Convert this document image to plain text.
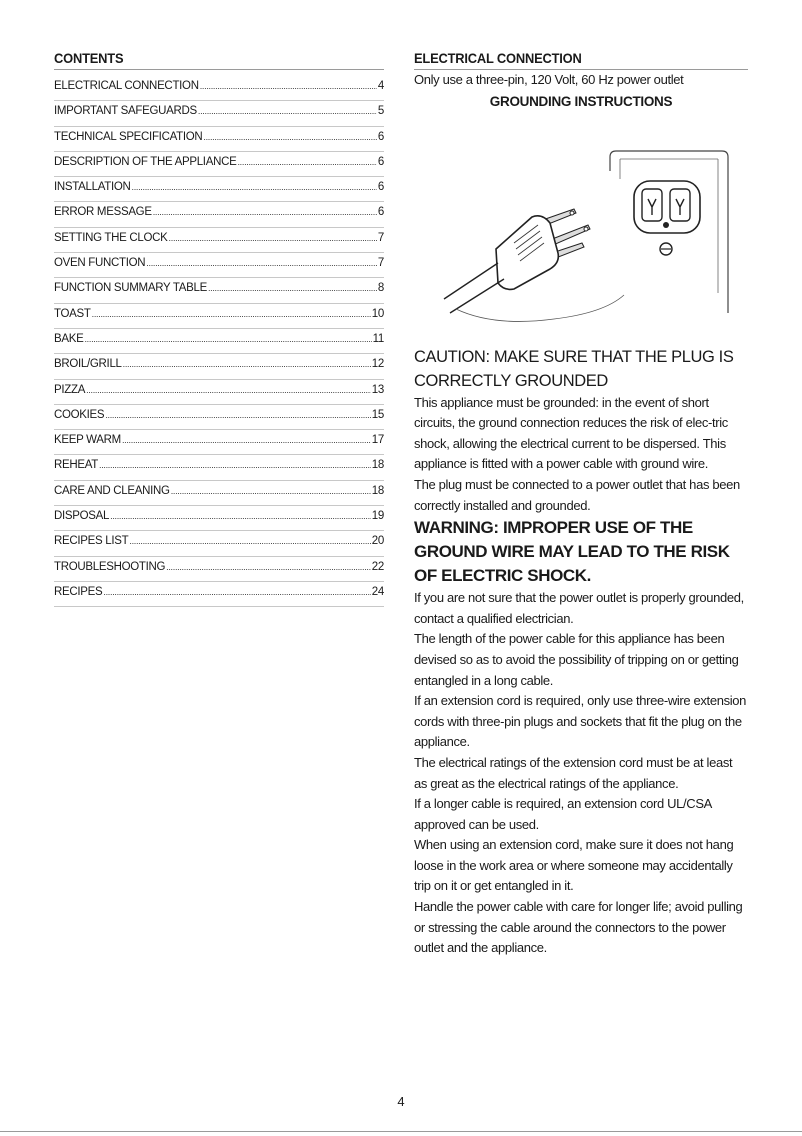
CONTENTS
ELECTRICAL CONNECTION .....	4
IMPORTANT SAFEGUARDS .....	5
TECHNICAL SPECIFICATION .....	6
DESCRIPTION OF THE APPLIANCE .....	6
INSTALLATION .....	6
ERROR MESSAGE .....	6
SETTING THE CLOCK .....	7
OVEN FUNCTION .....	7
FUNCTION SUMMARY TABLE .....	8
TOAST .....	10
BAKE .....	11
BROIL/GRILL .....	12
PIZZA .....	13
COOKIES .....	15
KEEP WARM .....	17
REHEAT .....	18
CARE AND CLEANING .....	18
DISPOSAL .....	19
RECIPES LIST .....	20
TROUBLESHOOTING .....	22
RECIPES .....	24
ELECTRICAL CONNECTION

Only use a three-pin, 120 Volt, 60 Hz power outlet

GROUNDING INSTRUCTIONS
CAUTION: MAKE SURE THAT THE PLUG IS CORRECTLY GROUNDED

This appliance must be grounded: in the event of short circuits, the ground connection reduces the risk of elec-tric shock, allowing the electrical current to be dispersed. This appliance is fitted with a power cable with ground wire.

The plug must be connected to a power outlet that has been correctly installed and grounded.

WARNING: IMPROPER USE OF THE GROUND WIRE MAY LEAD TO THE RISK OF ELECTRIC SHOCK.

If you are not sure that the power outlet is properly grounded, contact a qualified electrician.

The length of the power cable for this appliance has been devised so as to avoid the possibility of tripping on or getting entangled in a long cable.

If an extension cord is required, only use three-wire extension cords with three-pin plugs and sockets that fit the plug on the appliance.

The electrical ratings of the extension cord must be at least as great as the electrical ratings of the appliance.

If a longer cable is required, an extension cord UL/CSA approved can be used.

When using an extension cord, make sure it does not hang loose in the work area or where someone may accidentally trip on it or get entangled in it.

Handle the power cable with care for longer life; avoid pulling or stressing the cable around the connectors to the power outlet and the appliance.

4
